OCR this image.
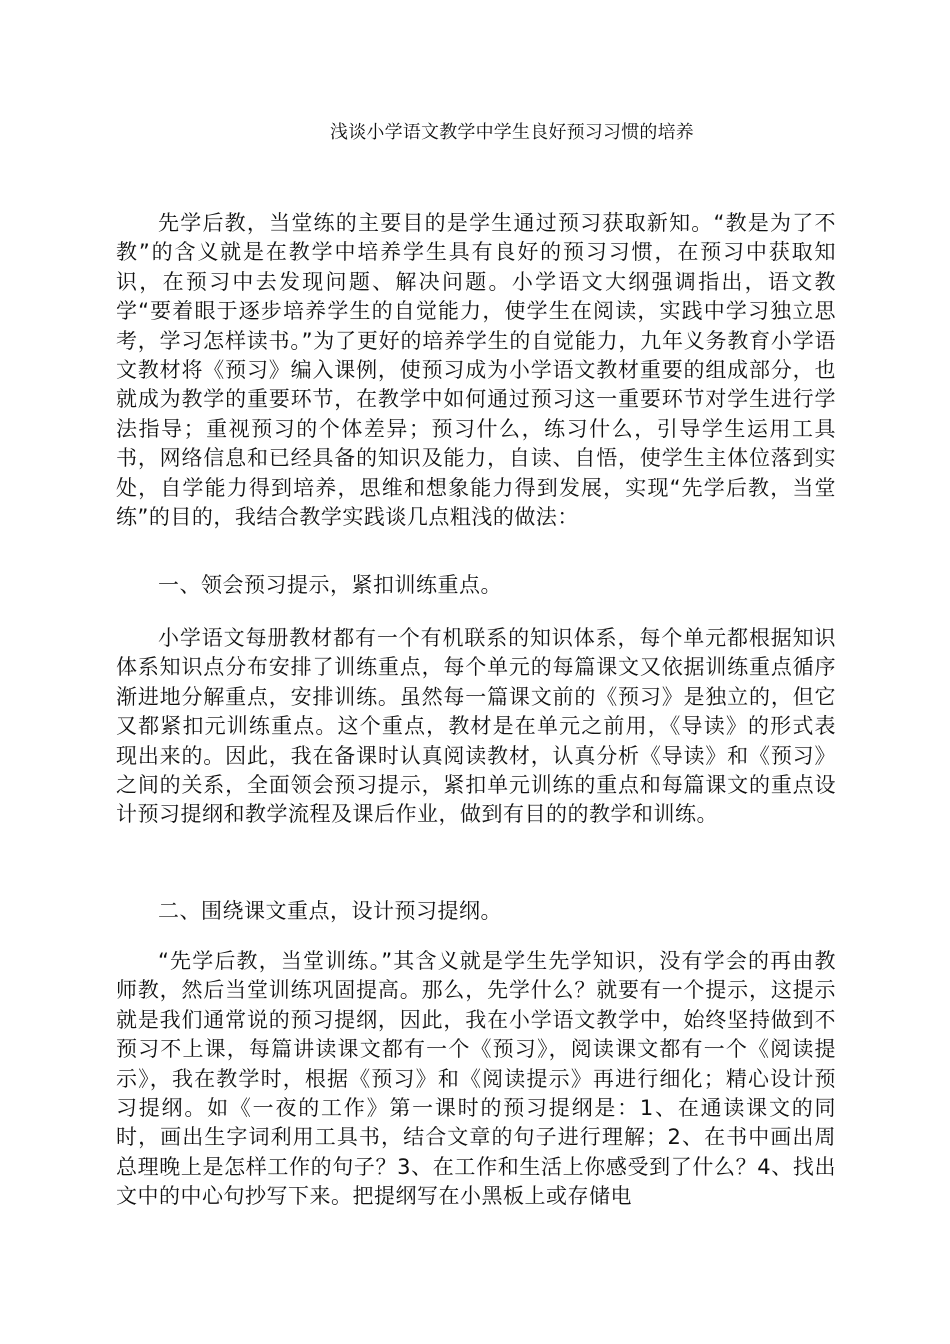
浅谈小学语文教学中学生良好预习习惯的培养

先学后教，当堂练的主要目的是学生通过预习获取新知。“教是为了不教”的含义就是在教学中培养学生具有良好的预习习惯，在预习中获取知识，在预习中去发现问题、解决问题。小学语文大纲强调指出，语文教学“要着眼于逐步培养学生的自觉能力，使学生在阅读，实践中学习独立思考，学习怎样读书。”为了更好的培养学生的自觉能力，九年义务教育小学语文教材将《预习》编入课例，使预习成为小学语文教材重要的组成部分，也就成为教学的重要环节，在教学中如何通过预习这一重要环节对学生进行学法指导；重视预习的个体差异；预习什么，练习什么，引导学生运用工具书，网络信息和已经具备的知识及能力，自读、自悟，使学生主体位落到实处，自学能力得到培养，思维和想象能力得到发展，实现“先学后教，当堂练”的目的，我结合教学实践谈几点粗浅的做法：

一、领会预习提示，紧扣训练重点。

小学语文每册教材都有一个有机联系的知识体系，每个单元都根据知识体系知识点分布安排了训练重点，每个单元的每篇课文又依据训练重点循序渐进地分解重点，安排训练。虽然每一篇课文前的《预习》是独立的，但它又都紧扣元训练重点。这个重点，教材是在单元之前用，《导读》的形式表现出来的。因此，我在备课时认真阅读教材，认真分析《导读》和《预习》之间的关系，全面领会预习提示，紧扣单元训练的重点和每篇课文的重点设计预习提纲和教学流程及课后作业，做到有目的的教学和训练。

二、围绕课文重点，设计预习提纲。

“先学后教，当堂训练。”其含义就是学生先学知识，没有学会的再由教师教，然后当堂训练巩固提高。那么，先学什么？就要有一个提示，这提示就是我们通常说的预习提纲，因此，我在小学语文教学中，始终坚持做到不预习不上课，每篇讲读课文都有一个《预习》，阅读课文都有一个《阅读提示》，我在教学时，根据《预习》和《阅读提示》再进行细化；精心设计预习提纲。如《一夜的工作》第一课时的预习提纲是：1、在通读课文的同时，画出生字词利用工具书，结合文章的句子进行理解；2、在书中画出周总理晚上是怎样工作的句子？3、在工作和生活上你感受到了什么？4、找出文中的中心句抄写下来。把提纲写在小黑板上或存储电
